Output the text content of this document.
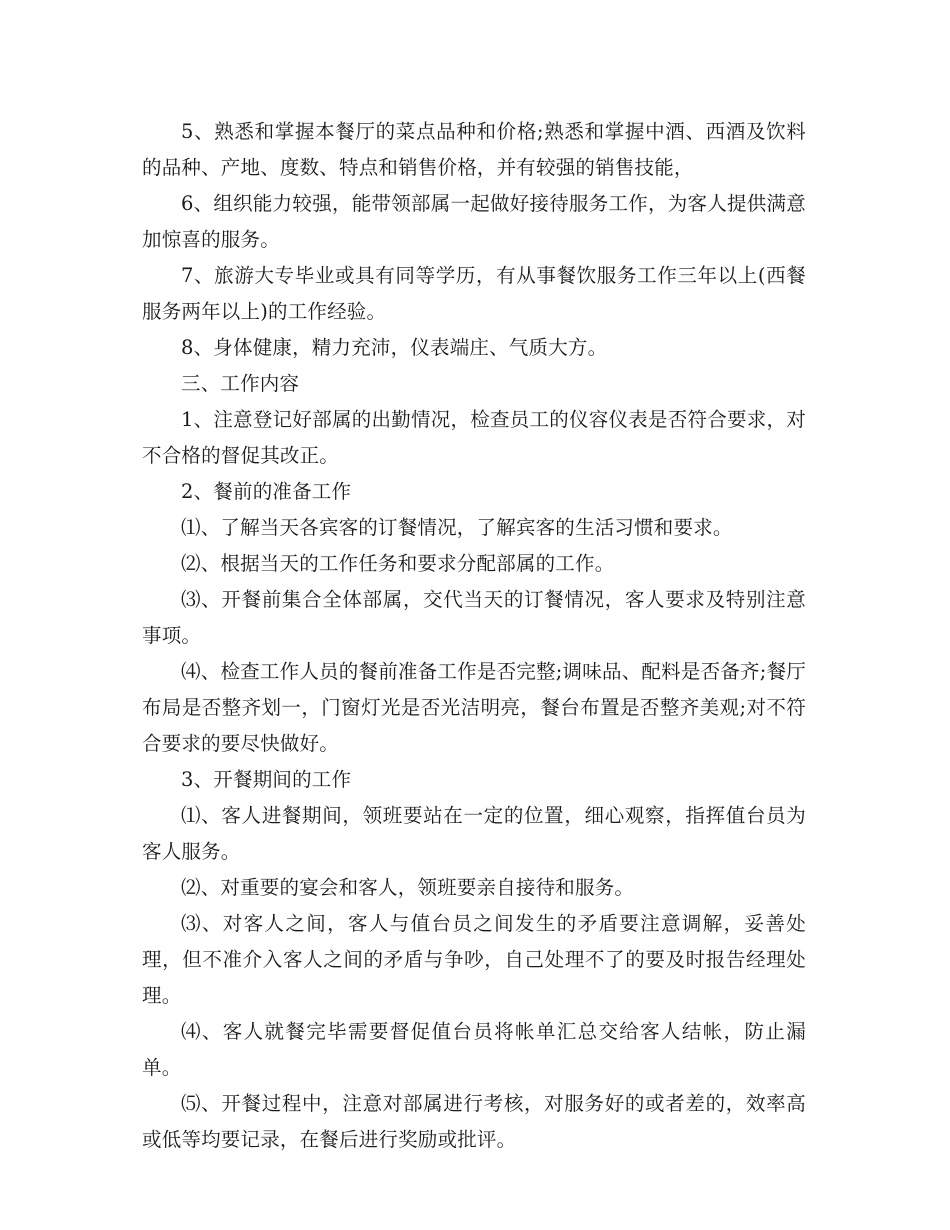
5、熟悉和掌握本餐厅的菜点品种和价格;熟悉和掌握中酒、西酒及饮料的品种、产地、度数、特点和销售价格，并有较强的销售技能，

6、组织能力较强，能带领部属一起做好接待服务工作，为客人提供满意加惊喜的服务。

7、旅游大专毕业或具有同等学历，有从事餐饮服务工作三年以上(西餐服务两年以上)的工作经验。

8、身体健康，精力充沛，仪表端庄、气质大方。

三、工作内容

1、注意登记好部属的出勤情况，检查员工的仪容仪表是否符合要求，对不合格的督促其改正。

2、餐前的准备工作

⑴、了解当天各宾客的订餐情况，了解宾客的生活习惯和要求。

⑵、根据当天的工作任务和要求分配部属的工作。

⑶、开餐前集合全体部属，交代当天的订餐情况，客人要求及特别注意事项。

⑷、检查工作人员的餐前准备工作是否完整;调味品、配料是否备齐;餐厅布局是否整齐划一，门窗灯光是否光洁明亮，餐台布置是否整齐美观;对不符合要求的要尽快做好。

3、开餐期间的工作

⑴、客人进餐期间，领班要站在一定的位置，细心观察，指挥值台员为客人服务。

⑵、对重要的宴会和客人，领班要亲自接待和服务。

⑶、对客人之间，客人与值台员之间发生的矛盾要注意调解，妥善处理，但不准介入客人之间的矛盾与争吵，自己处理不了的要及时报告经理处理。

⑷、客人就餐完毕需要督促值台员将帐单汇总交给客人结帐，防止漏单。

⑸、开餐过程中，注意对部属进行考核，对服务好的或者差的，效率高或低等均要记录，在餐后进行奖励或批评。
